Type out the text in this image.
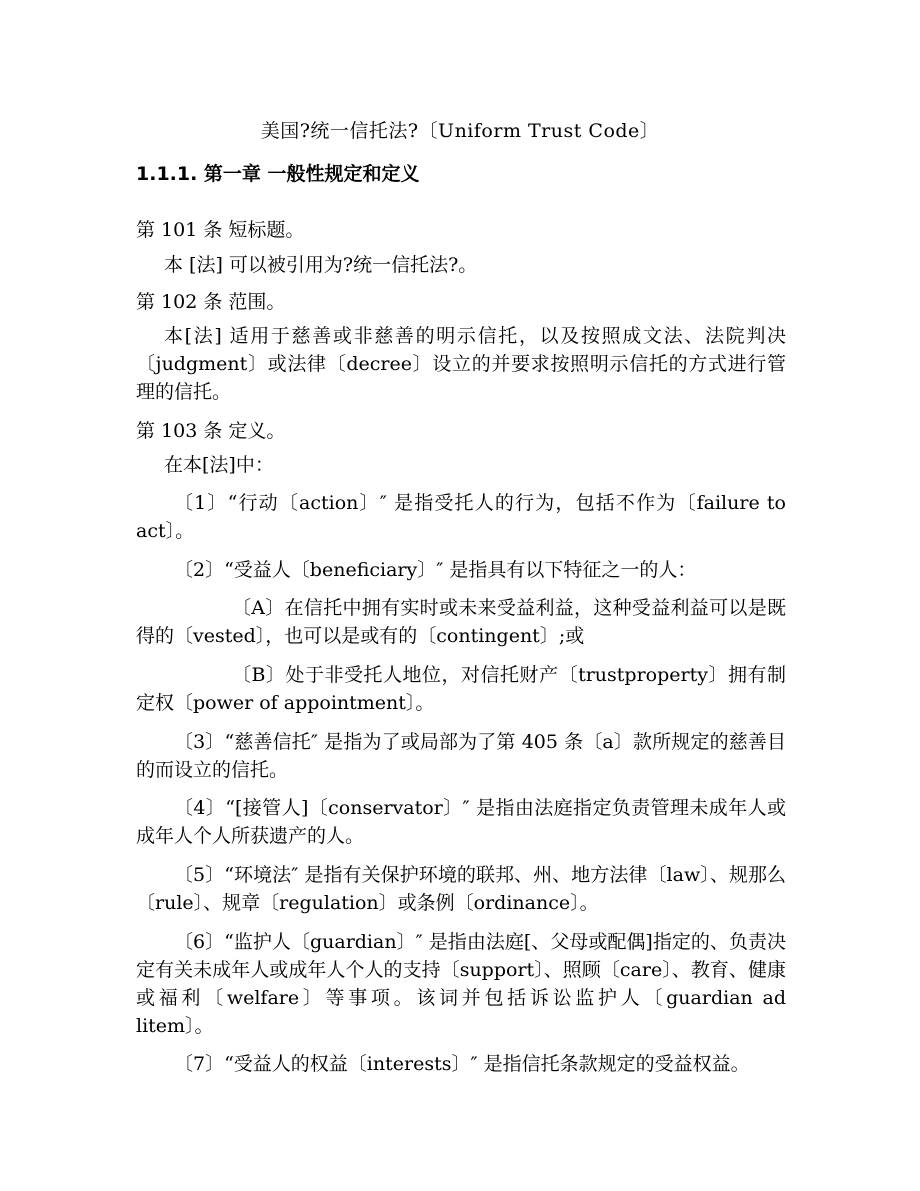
美国?统一信托法?〔Uniform Trust Code〕
1.1.1. 第一章 一般性规定和定义
第 101 条 短标题。
本 [法] 可以被引用为?统一信托法?。
第 102 条 范围。
本[法] 适用于慈善或非慈善的明示信托，以及按照成文法、法院判决〔judgment〕或法律〔decree〕设立的并要求按照明示信托的方式进行管理的信托。
第 103 条 定义。
在本[法]中：
〔1〕“行动〔action〕″ 是指受托人的行为，包括不作为〔failure to act〕。
〔2〕“受益人〔beneficiary〕″ 是指具有以下特征之一的人：
〔A〕在信托中拥有实时或未来受益利益，这种受益利益可以是既得的〔vested〕，也可以是或有的〔contingent〕;或
〔B〕处于非受托人地位，对信托财产〔trustproperty〕拥有制定权〔power of appointment〕。
〔3〕“慈善信托″ 是指为了或局部为了第 405 条〔a〕款所规定的慈善目的而设立的信托。
〔4〕“[接管人]〔conservator〕″ 是指由法庭指定负责管理未成年人或成年人个人所获遗产的人。
〔5〕“环境法″ 是指有关保护环境的联邦、州、地方法律〔law〕、规那么〔rule〕、规章〔regulation〕或条例〔ordinance〕。
〔6〕“监护人〔guardian〕″ 是指由法庭[、父母或配偶]指定的、负责决定有关未成年人或成年人个人的支持〔support〕、照顾〔care〕、教育、健康或福利〔welfare〕等事项。该词并包括诉讼监护人〔guardian ad litem〕。
〔7〕“受益人的权益〔interests〕″ 是指信托条款规定的受益权益。
